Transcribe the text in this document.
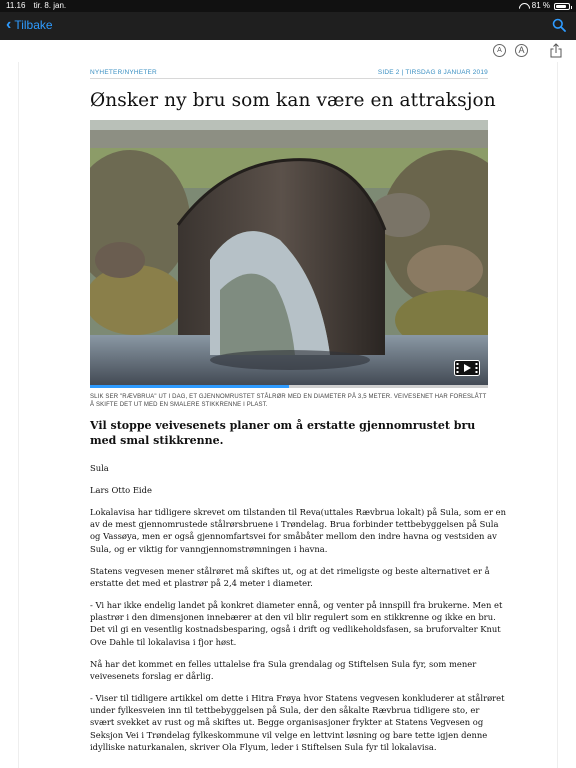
11.16 tir. 8. jan.	81 %
‹ Tilbake
A	A
NYHETER/NYHETER	SIDE 2 | TIRSDAG 8 JANUAR 2019
Ønsker ny bru som kan være en attraksjon
SLIK SER "RÆVBRUA" UT I DAG, ET GJENNOMRUSTET STÅLRØR MED EN DIAMETER PÅ 3,5 METER. VEIVESENET HAR FORESLÅTT Å SKIFTE DET UT MED EN SMALERE STIKKRENNE I PLAST.
Vil stoppe veivesenets planer om å erstatte gjennomrustet bru med smal stikkrenne.

Sula

Lars Otto Eide

Lokalavisa har tidligere skrevet om tilstanden til Reva(uttales Rævbrua lokalt) på Sula, som er en av de mest gjennomrustede stålrørsbruene i Trøndelag. Brua forbinder tettbebyggelsen på Sula og Vassøya, men er også gjennomfartsvei for småbåter mellom den indre havna og vestsiden av Sula, og er viktig for vanngjennomstrømningen i havna.

Statens vegvesen mener stålrøret må skiftes ut, og at det rimeligste og beste alternativet er å erstatte det med et plastrør på 2,4 meter i diameter.

- Vi har ikke endelig landet på konkret diameter ennå, og venter på innspill fra brukerne. Men et plastrør i den dimensjonen innebærer at den vil blir regulert som en stikkrenne og ikke en bru. Det vil gi en vesentlig kostnadsbesparing, også i drift og vedlikeholdsfasen, sa bruforvalter Knut Ove Dahle til lokalavisa i fjor høst.

Nå har det kommet en felles uttalelse fra Sula grendalag og Stiftelsen Sula fyr, som mener veivesenets forslag er dårlig.

- Viser til tidligere artikkel om dette i Hitra Frøya hvor Statens vegvesen konkluderer at stålrøret under fylkesveien inn til tettbebyggelsen på Sula, der den såkalte Rævbrua tidligere sto, er svært svekket av rust og må skiftes ut. Begge organisasjoner frykter at Statens Vegvesen og Seksjon Vei i Trøndelag fylkeskommune vil velge en lettvint løsning og bare tette igjen denne idylliske naturkanalen, skriver Ola Flyum, leder i Stiftelsen Sula fyr til lokalavisa.
